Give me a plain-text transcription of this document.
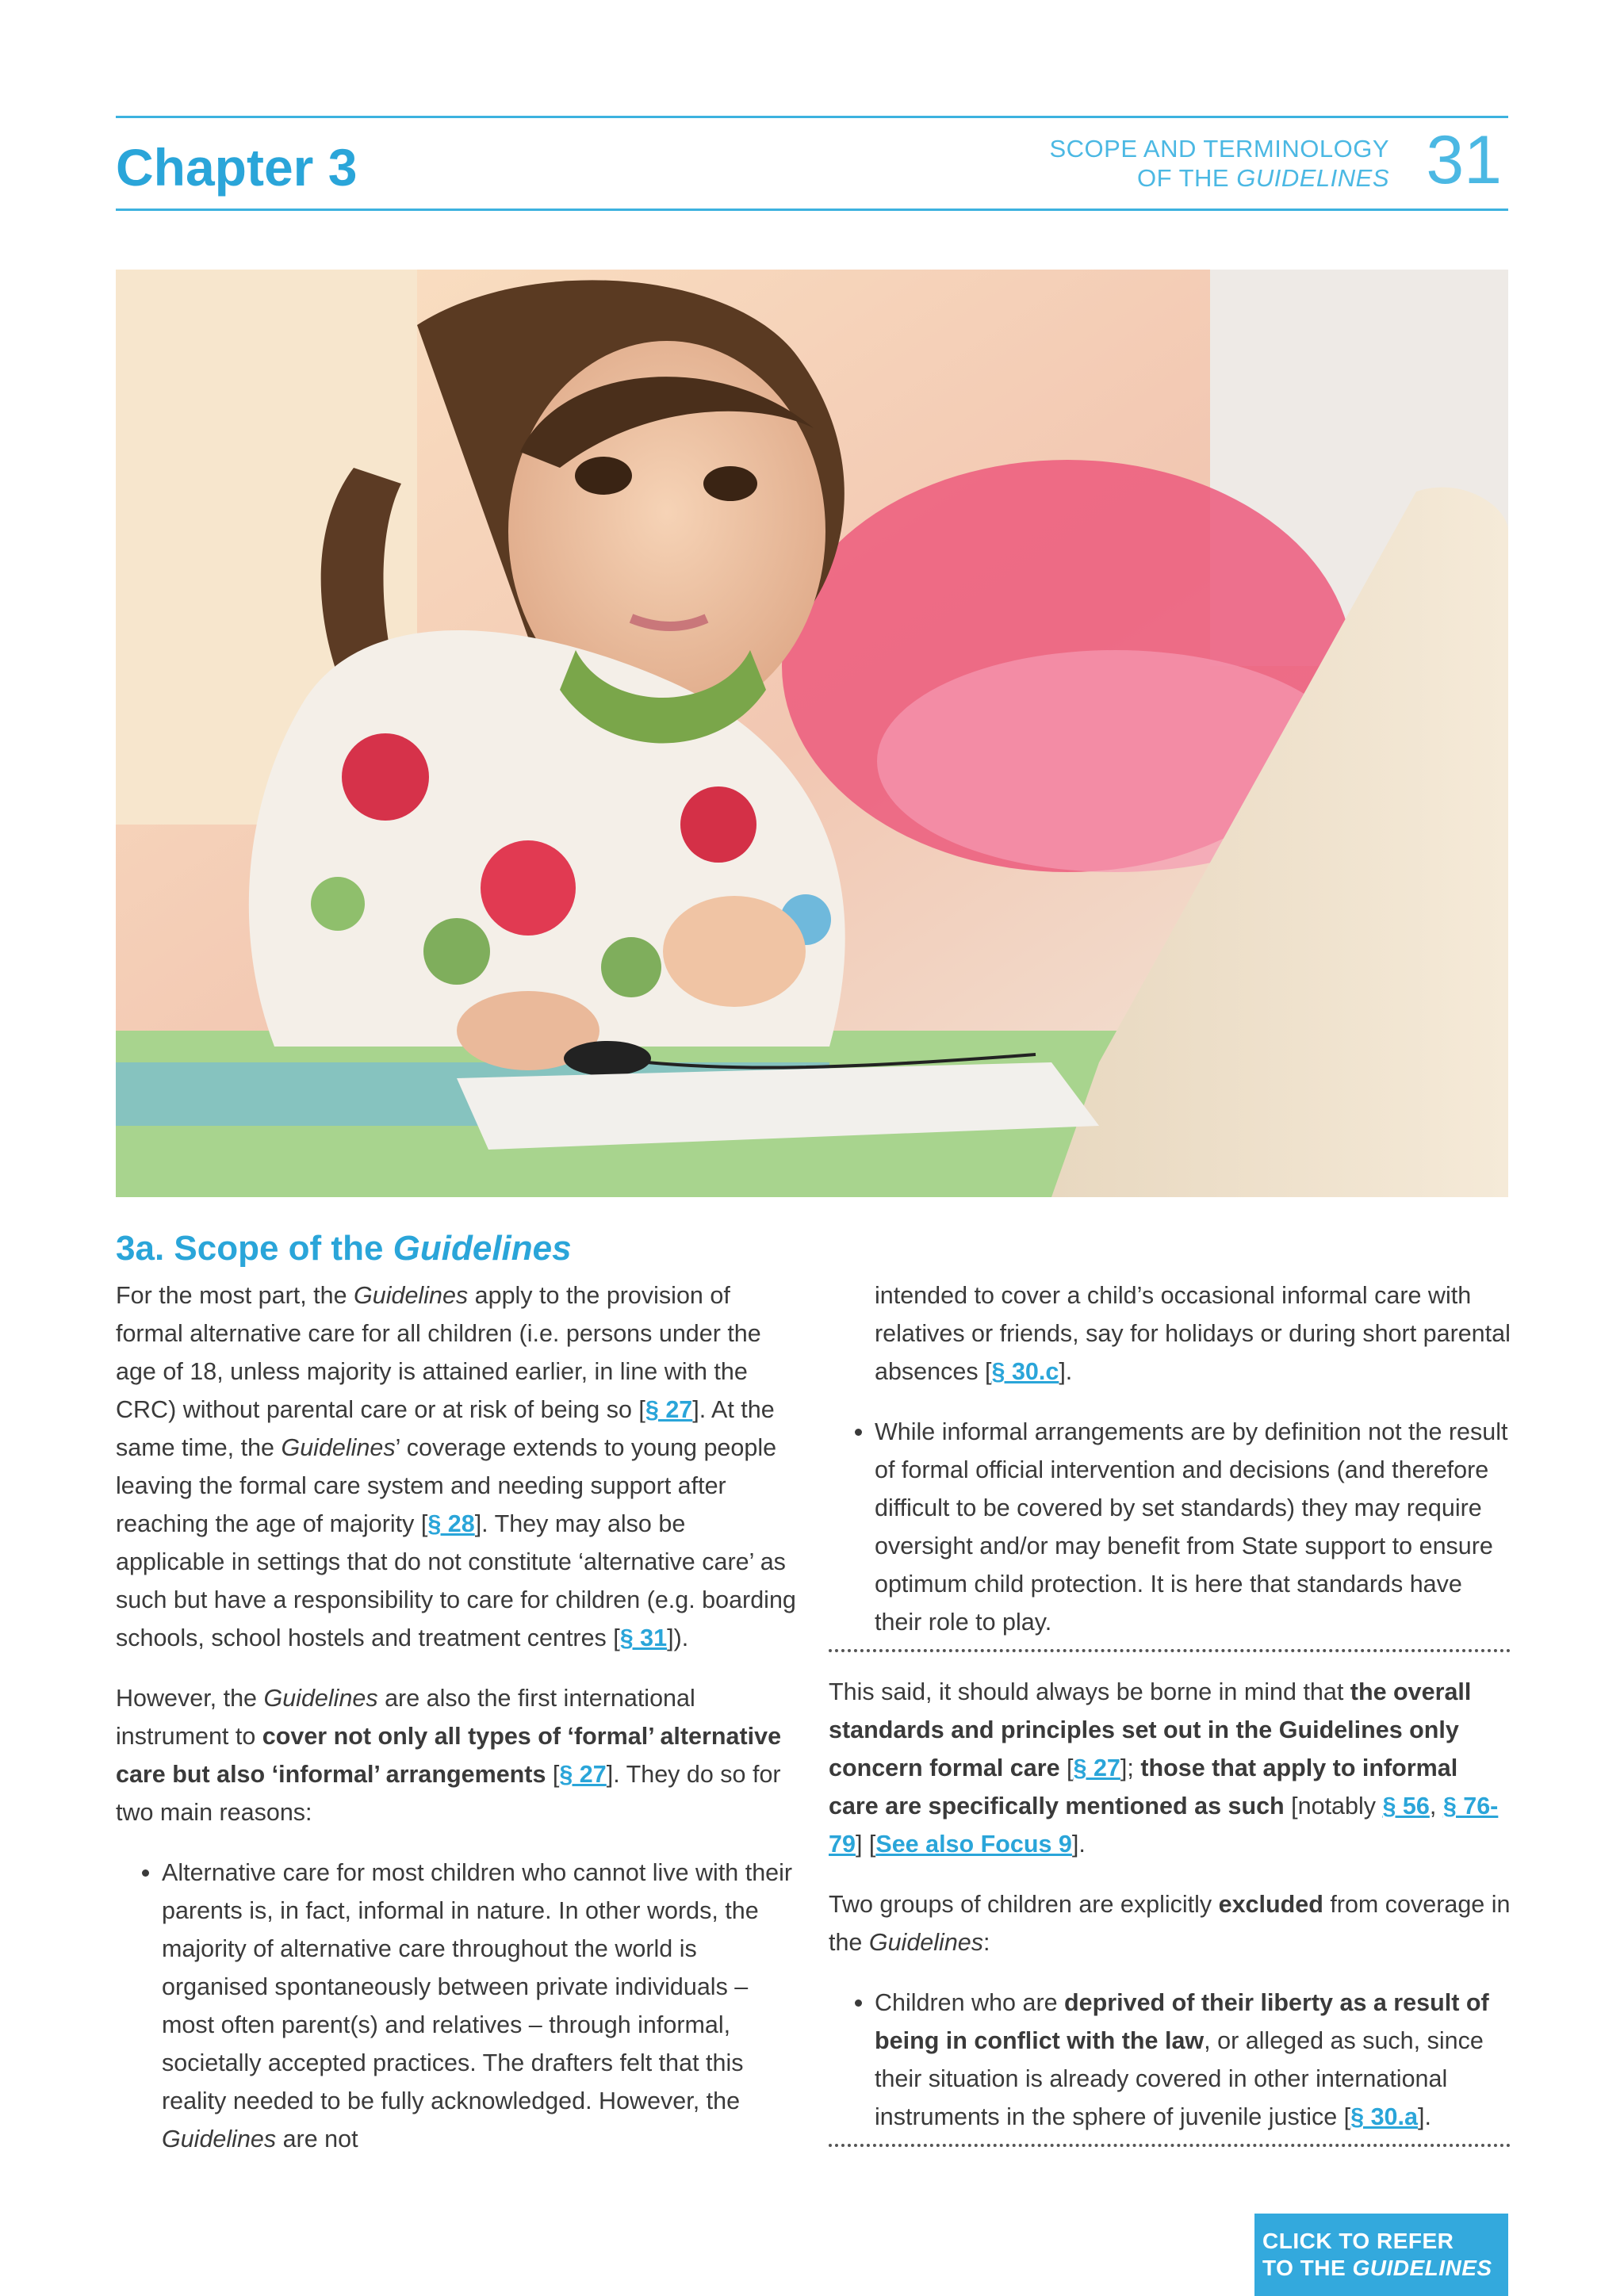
Chapter 3	SCOPE AND TERMINOLOGY
OF THE GUIDELINES 31
3a. Scope of the Guidelines

For the most part, the Guidelines apply to the provision of formal alternative care for all children (i.e. persons under the age of 18, unless majority is attained earlier, in line with the CRC) without parental care or at risk of being so [§ 27]. At the same time, the Guidelines’ coverage extends to young people leaving the formal care system and needing support after reaching the age of majority [§ 28]. They may also be applicable in settings that do not constitute ‘alternative care’ as such but have a responsibility to care for children (e.g. boarding schools, school hostels and treatment centres [§ 31]).

However, the Guidelines are also the first international instrument to cover not only all types of ‘formal’ alternative care but also ‘informal’ arrangements [§ 27]. They do so for two main reasons:

• Alternative care for most children who cannot live with their parents is, in fact, informal in nature. In other words, the majority of alternative care throughout the world is organised spontaneously between private individuals – most often parent(s) and relatives – through informal, societally accepted practices. The drafters felt that this reality needed to be fully acknowledged. However, the Guidelines are not

intended to cover a child’s occasional informal care with relatives or friends, say for holidays or during short parental absences [§ 30.c].

• While informal arrangements are by definition not the result of formal official intervention and decisions (and therefore difficult to be covered by set standards) they may require oversight and/or may benefit from State support to ensure optimum child protection. It is here that standards have their role to play.

This said, it should always be borne in mind that the overall standards and principles set out in the Guidelines only concern formal care [§ 27]; those that apply to informal care are specifically mentioned as such [notably § 56, § 76-79] [See also Focus 9].

Two groups of children are explicitly excluded from coverage in the Guidelines:

• Children who are deprived of their liberty as a result of being in conflict with the law, or alleged as such, since their situation is already covered in other international instruments in the sphere of juvenile justice [§ 30.a].
CLICK TO REFER
TO THE GUIDELINES
